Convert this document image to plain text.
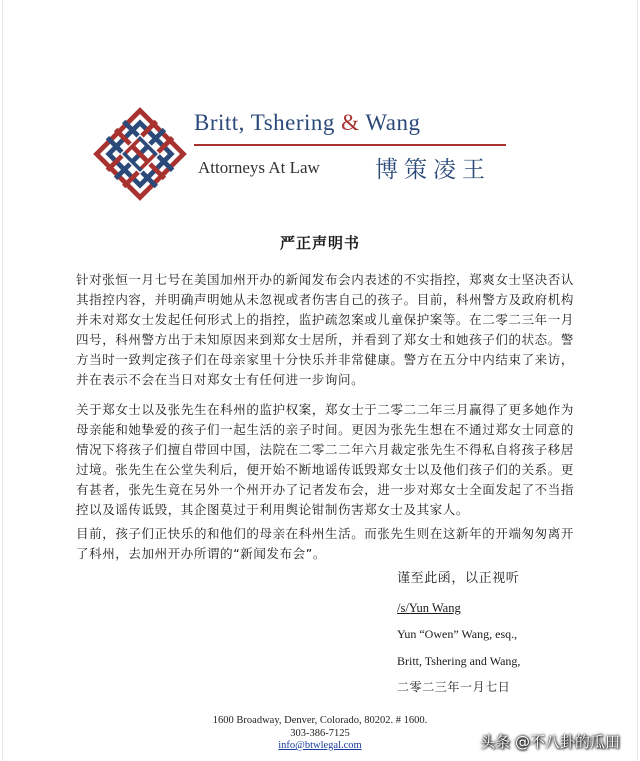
Britt, Tshering & Wang
Attorneys At Law 博策凌王
严正声明书

针对张恒一月七号在美国加州开办的新闻发布会内表述的不实指控，郑爽女士坚决否认其指控内容，并明确声明她从未忽视或者伤害自己的孩子。目前，科州警方及政府机构并未对郑女士发起任何形式上的指控，监护疏忽案或儿童保护案等。在二零二三年一月四号，科州警方出于未知原因来到郑女士居所，并看到了郑女士和她孩子们的状态。警方当时一致判定孩子们在母亲家里十分快乐并非常健康。警方在五分中内结束了来访，并在表示不会在当日对郑女士有任何进一步询问。

关于郑女士以及张先生在科州的监护权案，郑女士于二零二二年三月赢得了更多她作为母亲能和她挚爱的孩子们一起生活的亲子时间。更因为张先生想在不通过郑女士同意的情况下将孩子们擅自带回中国，法院在二零二二年六月裁定张先生不得私自将孩子移居过境。张先生在公堂失利后，便开始不断地谣传诋毁郑女士以及他们孩子们的关系。更有甚者，张先生竟在另外一个州开办了记者发布会，进一步对郑女士全面发起了不当指控以及谣传诋毁，其企图莫过于利用舆论钳制伤害郑女士及其家人。

目前，孩子们正快乐的和他们的母亲在科州生活。而张先生则在这新年的开端匆匆离开了科州，去加州开办所谓的“新闻发布会”。

谨至此函，以正视听
/s/Yun Wang
Yun “Owen” Wang, esq.,
Britt, Tshering and Wang,
二零二三年一月七日
1600 Broadway, Denver, Colorado, 80202. # 1600.
303-386-7125
info@btwlegal.com	头条 @不八卦的瓜田
